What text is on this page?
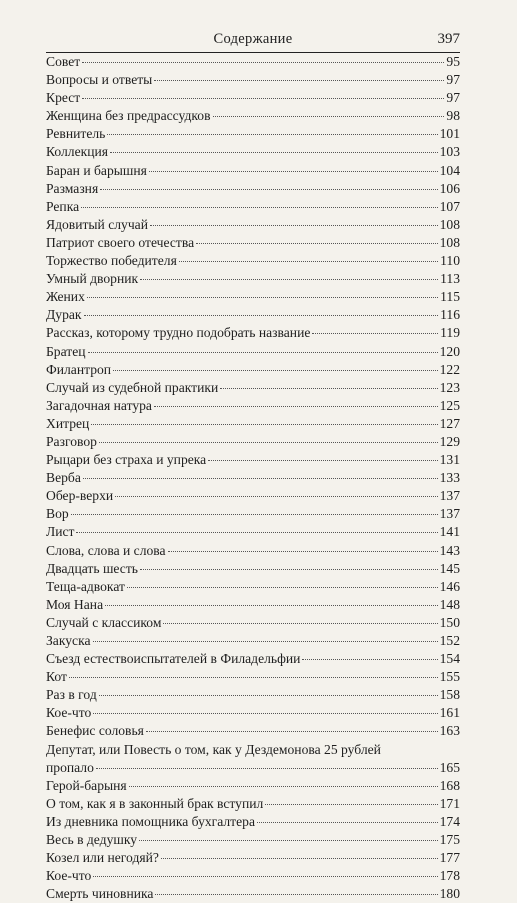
Содержание	397
Совет	95
Вопросы и ответы	97
Крест	97
Женщина без предрассудков	98
Ревнитель	101
Коллекция	103
Баран и барышня	104
Размазня	106
Репка	107
Ядовитый случай	108
Патриот своего отечества	108
Торжество победителя	110
Умный дворник	113
Жених	115
Дурак	116
Рассказ, которому трудно подобрать название	119
Братец	120
Филантроп	122
Случай из судебной практики	123
Загадочная натура	125
Хитрец	127
Разговор	129
Рыцари без страха и упрека	131
Верба	133
Обер-верхи	137
Вор	137
Лист	141
Слова, слова и слова	143
Двадцать шесть	145
Теща-адвокат	146
Моя Нана	148
Случай с классиком	150
Закуска	152
Съезд естествоиспытателей в Филадельфии	154
Кот	155
Раз в год	158
Кое-что	161
Бенефис соловья	163
Депутат, или Повесть о том, как у Дездемонова 25 рублей
пропало	165
Герой-барыня	168
О том, как я в законный брак вступил	171
Из дневника помощника бухгалтера	174
Весь в дедушку	175
Козел или негодяй?	177
Кое-что	178
Смерть чиновника	180
